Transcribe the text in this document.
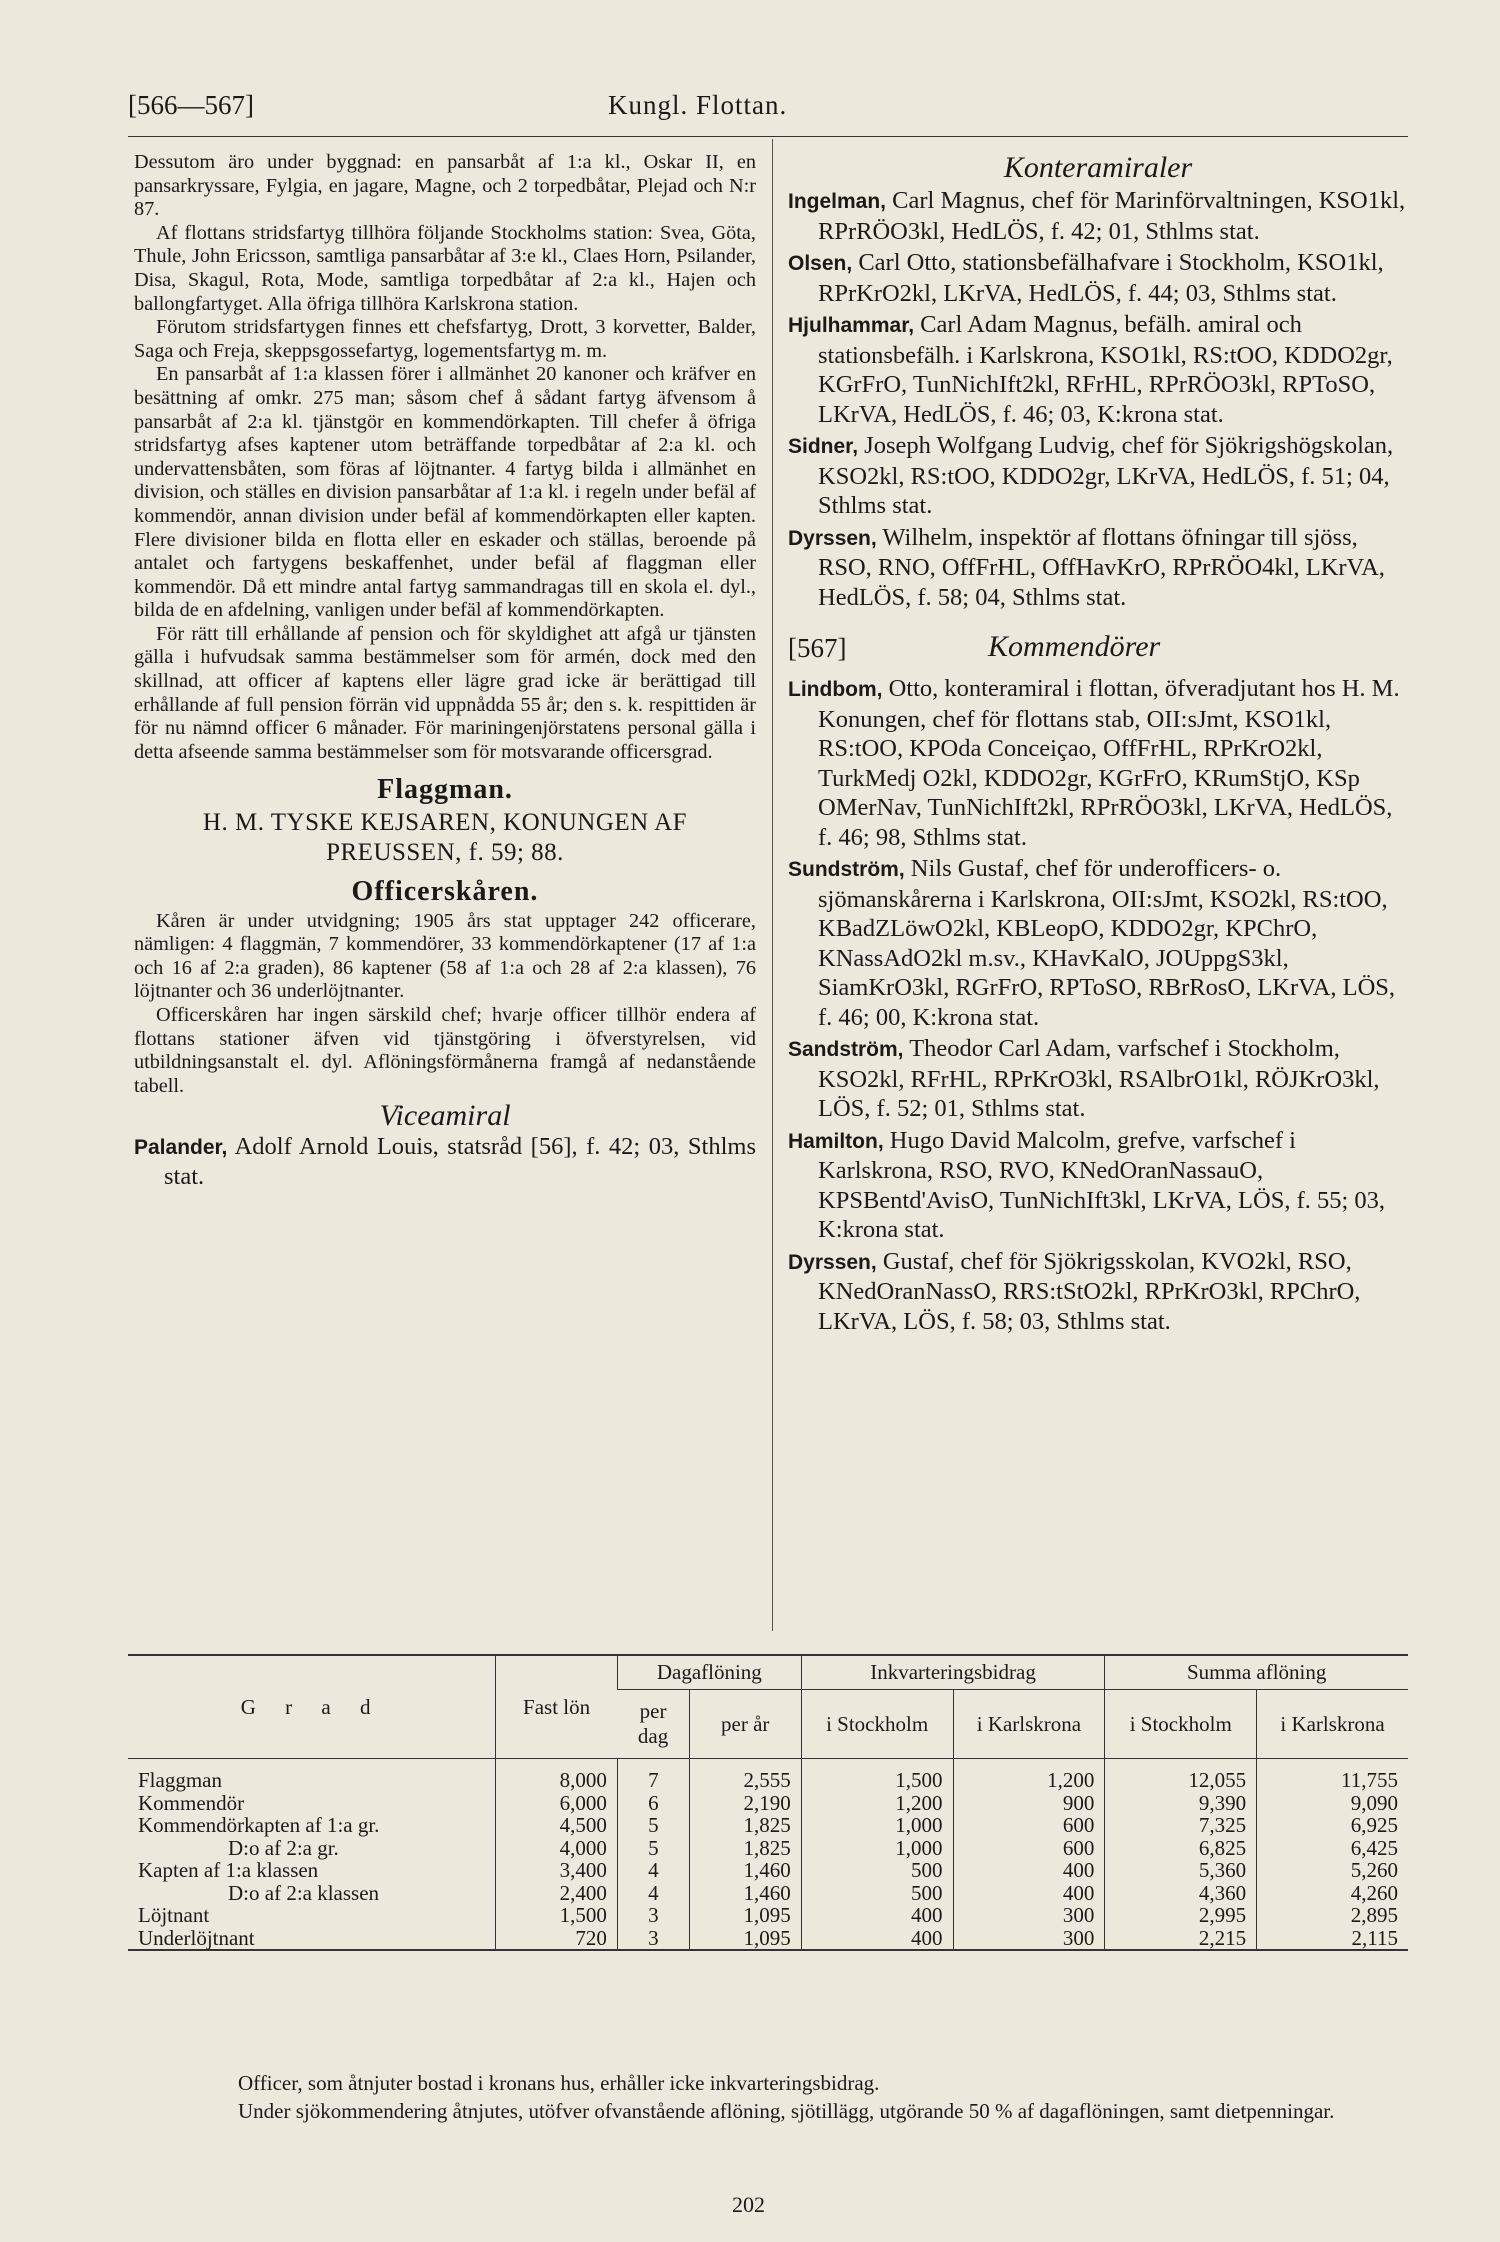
[566—567]	Kungl. Flottan.

Dessutom äro under byggnad: en pansarbåt af 1:a kl., Oskar II, en pansarkryssare, Fylgia, en jagare, Magne, och 2 torpedbåtar, Plejad och N:r 87.

Af flottans stridsfartyg tillhöra följande Stockholms station: Svea, Göta, Thule, John Ericsson, samtliga pansarbåtar af 3:e kl., Claes Horn, Psilander, Disa, Skagul, Rota, Mode, samtliga torpedbåtar af 2:a kl., Hajen och ballongfartyget. Alla öfriga tillhöra Karlskrona station.

Förutom stridsfartygen finnes ett chefsfartyg, Drott, 3 korvetter, Balder, Saga och Freja, skeppsgossefartyg, logementsfartyg m. m.

En pansarbåt af 1:a klassen förer i allmänhet 20 kanoner och kräfver en besättning af omkr. 275 man; såsom chef å sådant fartyg äfvensom å pansarbåt af 2:a kl. tjänstgör en kommendörkapten. Till chefer å öfriga stridsfartyg afses kaptener utom beträffande torpedbåtar af 2:a kl. och undervattensbåten, som föras af löjtnanter. 4 fartyg bilda i allmänhet en division, och ställes en division pansarbåtar af 1:a kl. i regeln under befäl af kommendör, annan division under befäl af kommendörkapten eller kapten. Flere divisioner bilda en flotta eller en eskader och ställas, beroende på antalet och fartygens beskaffenhet, under befäl af flaggman eller kommendör. Då ett mindre antal fartyg sammandragas till en skola el. dyl., bilda de en afdelning, vanligen under befäl af kommendörkapten.

För rätt till erhållande af pension och för skyldighet att afgå ur tjänsten gälla i hufvudsak samma bestämmelser som för armén, dock med den skillnad, att officer af kaptens eller lägre grad icke är berättigad till erhållande af full pension förrän vid uppnådda 55 år; den s. k. respittiden är för nu nämnd officer 6 månader. För mariningenjörstatens personal gälla i detta afseende samma bestämmelser som för motsvarande officersgrad.

Flaggman.
H. M. TYSKE KEJSAREN, KONUNGEN AF PREUSSEN, f. 59; 88.
Officerskåren.

Kåren är under utvidgning; 1905 års stat upptager 242 officerare, nämligen: 4 flaggmän, 7 kommendörer, 33 kommendörkaptener (17 af 1:a och 16 af 2:a graden), 86 kaptener (58 af 1:a och 28 af 2:a klassen), 76 löjtnanter och 36 underlöjtnanter.

Officerskåren har ingen särskild chef; hvarje officer tillhör endera af flottans stationer äfven vid tjänstgöring i öfverstyrelsen, vid utbildningsanstalt el. dyl. Aflöningsförmånerna framgå af nedanstående tabell.

Viceamiral
Palander, Adolf Arnold Louis, statsråd [56], f. 42; 03, Sthlms stat.
Konteramiraler
Ingelman, Carl Magnus, chef för Marinförvaltningen, KSO1kl, RPrRÖO3kl, HedLÖS, f. 42; 01, Sthlms stat.
Olsen, Carl Otto, stationsbefälhafvare i Stockholm, KSO1kl, RPrKrO2kl, LKrVA, HedLÖS, f. 44; 03, Sthlms stat.
Hjulhammar, Carl Adam Magnus, befälh. amiral och stationsbefälh. i Karlskrona, KSO1kl, RS:tOO, KDDO2gr, KGrFrO, TunNichIft2kl, RFrHL, RPrRÖO3kl, RPToSO, LKrVA, HedLÖS, f. 46; 03, K:krona stat.
Sidner, Joseph Wolfgang Ludvig, chef för Sjökrigshögskolan, KSO2kl, RS:tOO, KDDO2gr, LKrVA, HedLÖS, f. 51; 04, Sthlms stat.
Dyrssen, Wilhelm, inspektör af flottans öfningar till sjöss, RSO, RNO, OffFrHL, OffHavKrO, RPrRÖO4kl, LKrVA, HedLÖS, f. 58; 04, Sthlms stat.
[567]	Kommendörer
Lindbom, Otto, konteramiral i flottan, öfveradjutant hos H. M. Konungen, chef för flottans stab, OII:sJmt, KSO1kl, RS:tOO, KPOda Conceiçao, OffFrHL, RPrKrO2kl, TurkMedj O2kl, KDDO2gr, KGrFrO, KRumStjO, KSp OMerNav, TunNichIft2kl, RPrRÖO3kl, LKrVA, HedLÖS, f. 46; 98, Sthlms stat.
Sundström, Nils Gustaf, chef för underofficers- o. sjömanskårerna i Karlskrona, OII:sJmt, KSO2kl, RS:tOO, KBadZLöwO2kl, KBLeopO, KDDO2gr, KPChrO, KNassAdO2kl m.sv., KHavKalO, JOUppgS3kl, SiamKrO3kl, RGrFrO, RPToSO, RBrRosO, LKrVA, LÖS, f. 46; 00, K:krona stat.
Sandström, Theodor Carl Adam, varfschef i Stockholm, KSO2kl, RFrHL, RPrKrO3kl, RSAlbrO1kl, RÖJKrO3kl, LÖS, f. 52; 01, Sthlms stat.
Hamilton, Hugo David Malcolm, grefve, varfschef i Karlskrona, RSO, RVO, KNedOranNassauO, KPSBentd'AvisO, TunNichIft3kl, LKrVA, LÖS, f. 55; 03, K:krona stat.
Dyrssen, Gustaf, chef för Sjökrigsskolan, KVO2kl, RSO, KNedOranNassO, RRS:tStO2kl, RPrKrO3kl, RPChrO, LKrVA, LÖS, f. 58; 03, Sthlms stat.
G r a d	Fast lön	Dagaflöning		Inkvarteringsbidrag		Summa aflöning	
		per dag	per år	i Stockholm	i Karlskrona	i Stockholm	i Karlskrona
Flaggman	8,000	7	2,555	1,500	1,200	12,055	11,755
Kommendör	6,000	6	2,190	1,200	900	9,390	9,090
Kommendörkapten af 1:a gr.	4,500	5	1,825	1,000	600	7,325	6,925
D:o af 2:a gr.	4,000	5	1,825	1,000	600	6,825	6,425
Kapten af 1:a klassen	3,400	4	1,460	500	400	5,360	5,260
D:o af 2:a klassen	2,400	4	1,460	500	400	4,360	4,260
Löjtnant	1,500	3	1,095	400	300	2,995	2,895
Underlöjtnant	720	3	1,095	400	300	2,215	2,115
Officer, som åtnjuter bostad i kronans hus, erhåller icke inkvarteringsbidrag.
Under sjökommendering åtnjutes, utöfver ofvanstående aflöning, sjötillägg, utgörande 50 % af dagaflöningen, samt dietpenningar.
202
